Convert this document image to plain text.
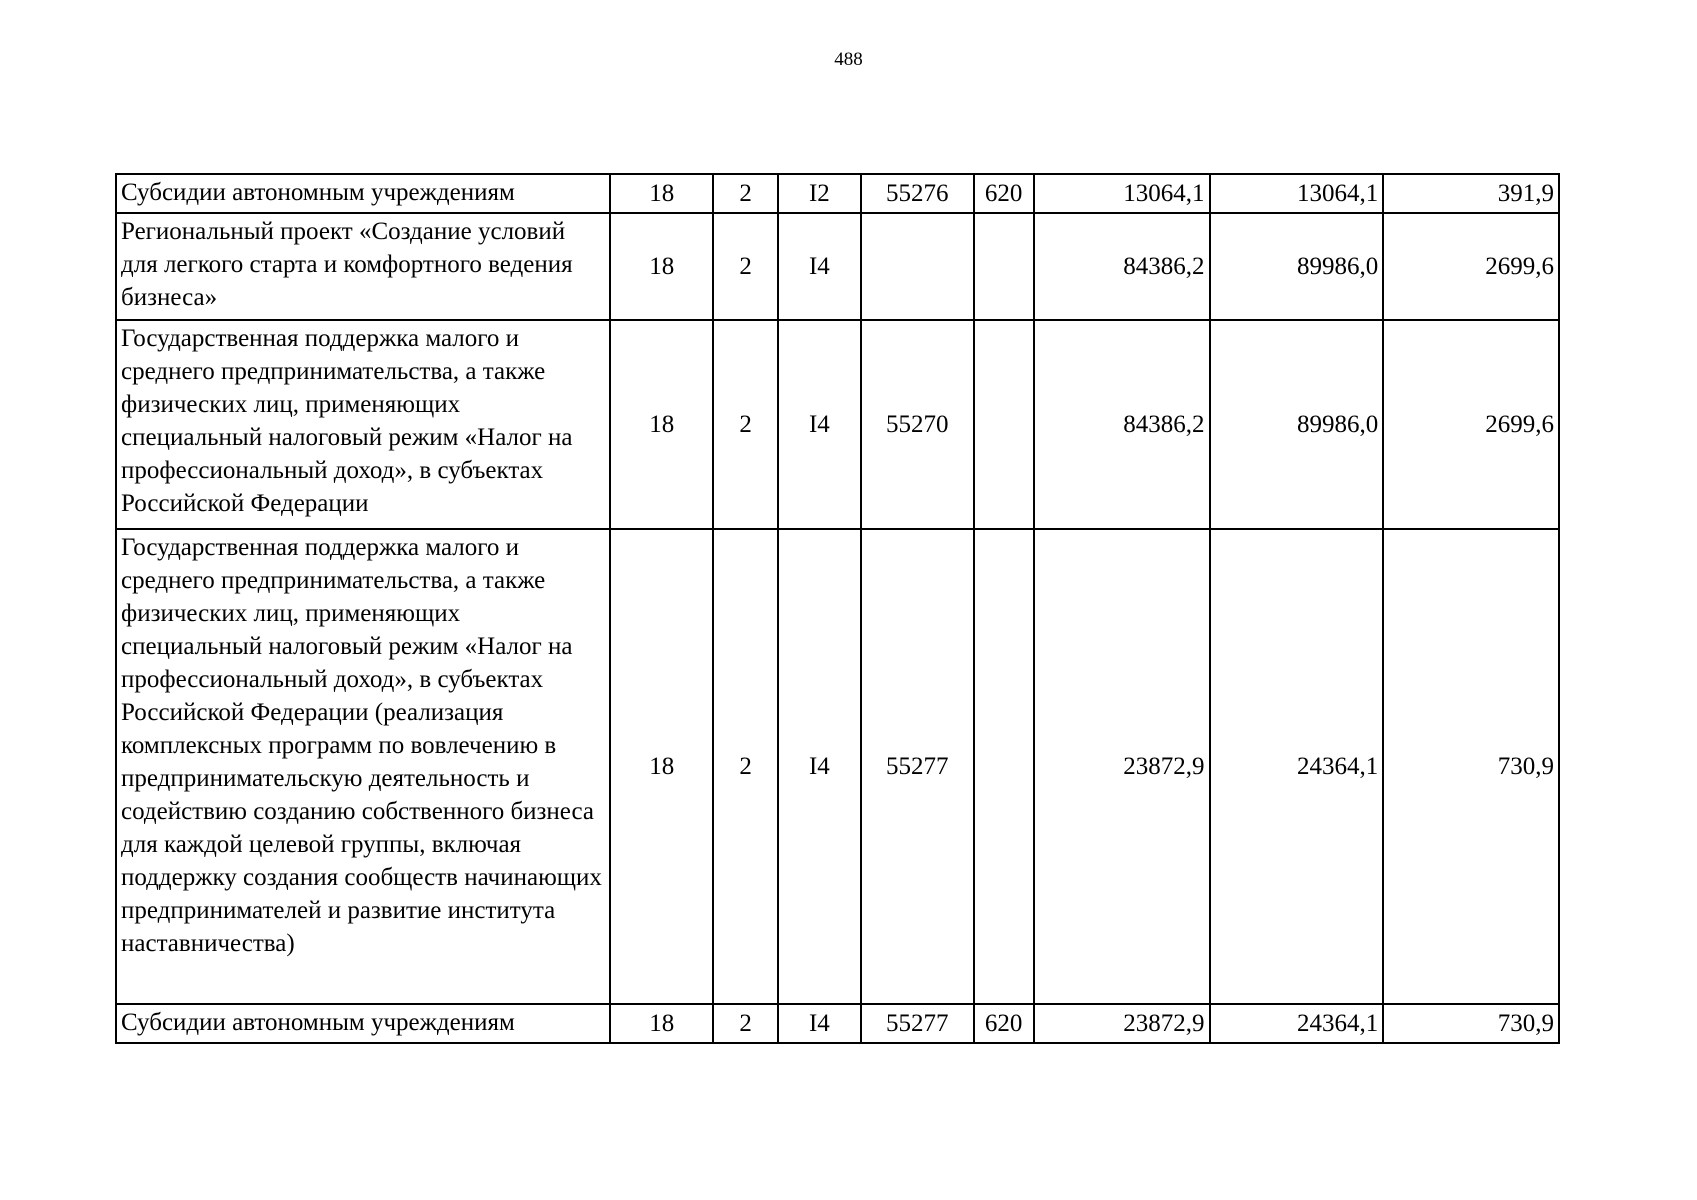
488
Субсидии автономным учреждениям	18	2	I2	55276	620	13064,1	13064,1	391,9
Региональный проект «Создание условий для легкого старта и комфортного ведения бизнеса»	18	2	I4			84386,2	89986,0	2699,6
Государственная поддержка малого и среднего предпринимательства, а также физических лиц, применяющих специальный налоговый режим «Налог на профессиональный доход», в субъектах Российской Федерации	18	2	I4	55270		84386,2	89986,0	2699,6
Государственная поддержка малого и среднего предпринимательства, а также физических лиц, применяющих специальный налоговый режим «Налог на профессиональный доход», в субъектах Российской Федерации (реализация комплексных программ по вовлечению в предпринимательскую деятельность и содействию созданию собственного бизнеса для каждой целевой группы, включая поддержку создания сообществ начинающих предпринимателей и развитие института наставничества)	18	2	I4	55277		23872,9	24364,1	730,9
Субсидии автономным учреждениям	18	2	I4	55277	620	23872,9	24364,1	730,9
